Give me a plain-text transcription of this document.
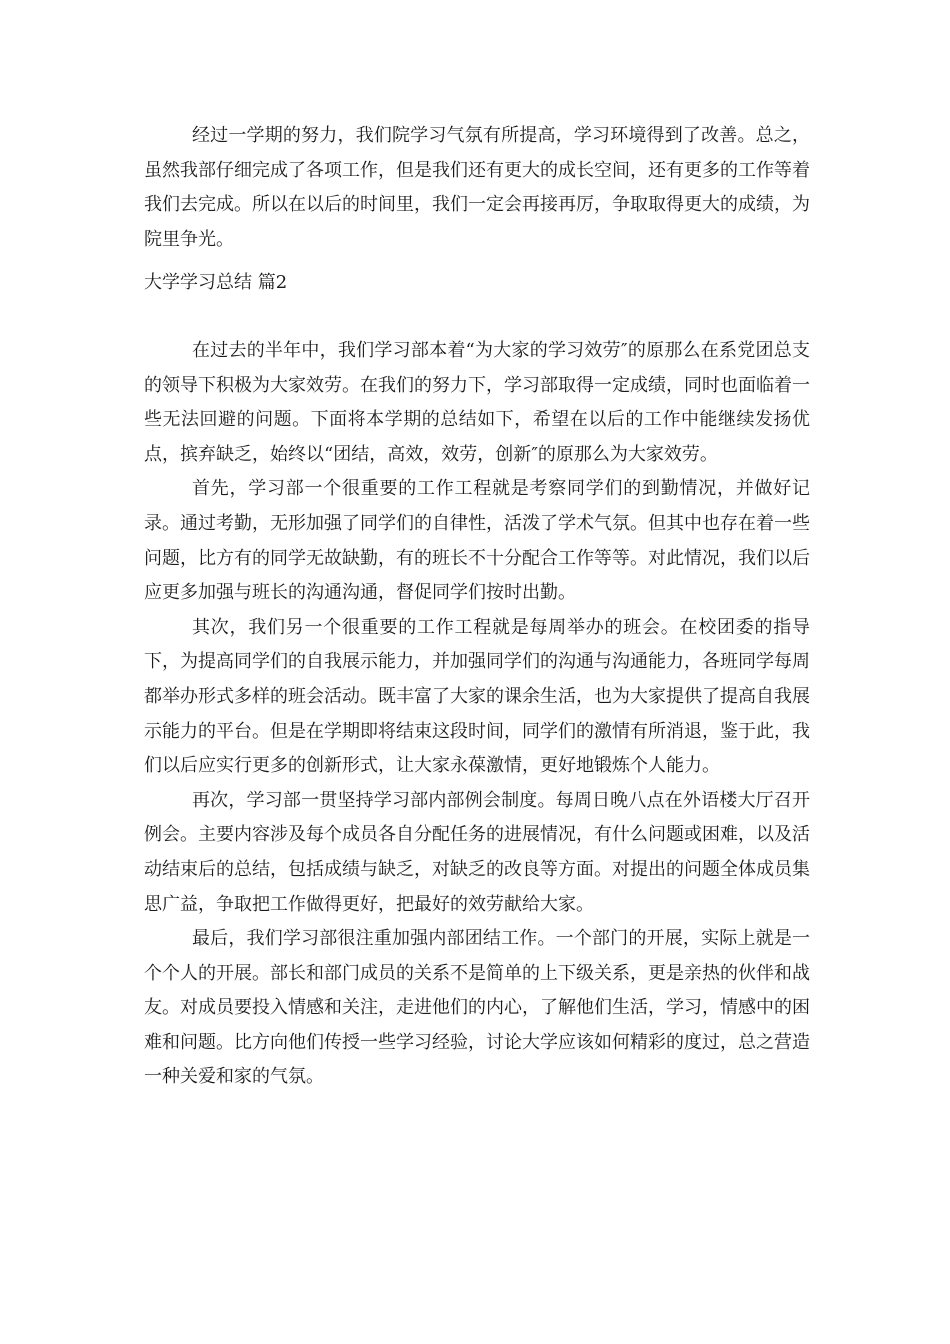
经过一学期的努力，我们院学习气氛有所提高，学习环境得到了改善。总之，虽然我部仔细完成了各项工作，但是我们还有更大的成长空间，还有更多的工作等着我们去完成。所以在以后的时间里，我们一定会再接再厉，争取取得更大的成绩，为院里争光。

大学学习总结 篇2

在过去的半年中，我们学习部本着“为大家的学习效劳″的原那么在系党团总支的领导下积极为大家效劳。在我们的努力下，学习部取得一定成绩，同时也面临着一些无法回避的问题。下面将本学期的总结如下，希望在以后的工作中能继续发扬优点，摈弃缺乏，始终以“团结，高效，效劳，创新″的原那么为大家效劳。

首先，学习部一个很重要的工作工程就是考察同学们的到勤情况，并做好记录。通过考勤，无形加强了同学们的自律性，活泼了学术气氛。但其中也存在着一些问题，比方有的同学无故缺勤，有的班长不十分配合工作等等。对此情况，我们以后应更多加强与班长的沟通沟通，督促同学们按时出勤。

其次，我们另一个很重要的工作工程就是每周举办的班会。在校团委的指导下，为提高同学们的自我展示能力，并加强同学们的沟通与沟通能力，各班同学每周都举办形式多样的班会活动。既丰富了大家的课余生活，也为大家提供了提高自我展示能力的平台。但是在学期即将结束这段时间，同学们的激情有所消退，鉴于此，我们以后应实行更多的创新形式，让大家永葆激情，更好地锻炼个人能力。

再次，学习部一贯坚持学习部内部例会制度。每周日晚八点在外语楼大厅召开例会。主要内容涉及每个成员各自分配任务的进展情况，有什么问题或困难，以及活动结束后的总结，包括成绩与缺乏，对缺乏的改良等方面。对提出的问题全体成员集思广益，争取把工作做得更好，把最好的效劳献给大家。

最后，我们学习部很注重加强内部团结工作。一个部门的开展，实际上就是一个个人的开展。部长和部门成员的关系不是简单的上下级关系，更是亲热的伙伴和战友。对成员要投入情感和关注，走进他们的内心，了解他们生活，学习，情感中的困难和问题。比方向他们传授一些学习经验，讨论大学应该如何精彩的度过，总之营造一种关爱和家的气氛。
